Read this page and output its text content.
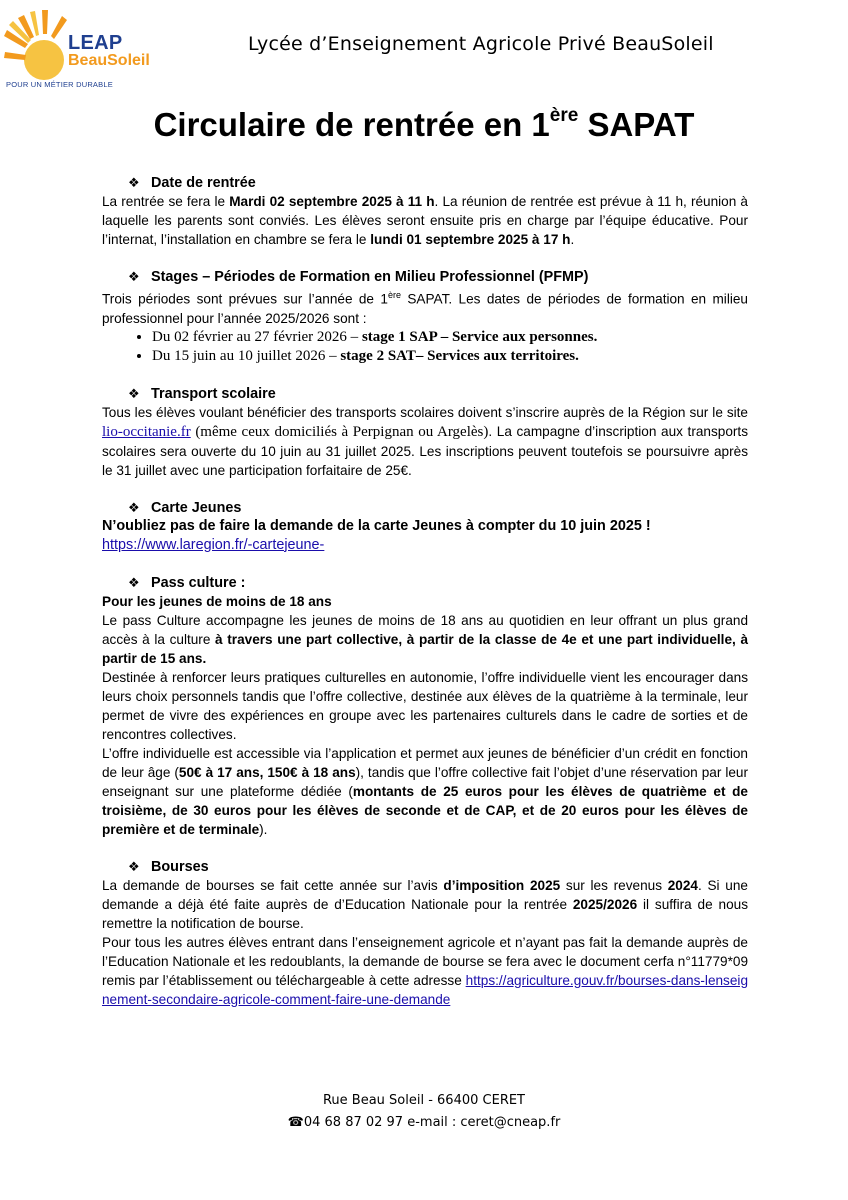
LEAP
BeauSoleil
POUR UN MÉTIER DURABLE
Lycée d’Enseignement Agricole Privé BeauSoleil
Circulaire de rentrée en 1ère SAPAT
❖ Date de rentrée

La rentrée se fera le Mardi 02 septembre 2025 à 11 h. La réunion de rentrée est prévue à 11 h, réunion à laquelle les parents sont conviés. Les élèves seront ensuite pris en charge par l’équipe éducative. Pour l’internat, l’installation en chambre se fera le lundi 01 septembre 2025 à 17 h.

❖ Stages – Périodes de Formation en Milieu Professionnel (PFMP)

Trois périodes sont prévues sur l’année de 1ère SAPAT. Les dates de périodes de formation en milieu professionnel pour l’année 2025/2026 sont :

• Du 02 février au 27 février 2026 – stage 1 SAP – Service aux personnes.
• Du 15 juin au 10 juillet 2026 – stage 2 SAT– Services aux territoires.
❖ Transport scolaire

Tous les élèves voulant bénéficier des transports scolaires doivent s’inscrire auprès de la Région sur le site lio-occitanie.fr (même ceux domiciliés à Perpignan ou Argelès). La campagne d’inscription aux transports scolaires sera ouverte du 10 juin au 31 juillet 2025. Les inscriptions peuvent toutefois se poursuivre après le 31 juillet avec une participation forfaitaire de 25€.

❖ Carte Jeunes

N’oubliez pas de faire la demande de la carte Jeunes à compter du 10 juin 2025 !

https://www.laregion.fr/-cartejeune-

❖ Pass culture :

Pour les jeunes de moins de 18 ans

Le pass Culture accompagne les jeunes de moins de 18 ans au quotidien en leur offrant un plus grand accès à la culture à travers une part collective, à partir de la classe de 4e et une part individuelle, à partir de 15 ans.

Destinée à renforcer leurs pratiques culturelles en autonomie, l’offre individuelle vient les encourager dans leurs choix personnels tandis que l’offre collective, destinée aux élèves de la quatrième à la terminale, leur permet de vivre des expériences en groupe avec les partenaires culturels dans le cadre de sorties et de rencontres collectives.

L’offre individuelle est accessible via l’application et permet aux jeunes de bénéficier d’un crédit en fonction de leur âge (50€ à 17 ans, 150€ à 18 ans), tandis que l’offre collective fait l’objet d’une réservation par leur enseignant sur une plateforme dédiée (montants de 25 euros pour les élèves de quatrième et de troisième, de 30 euros pour les élèves de seconde et de CAP, et de 20 euros pour les élèves de première et de terminale).

❖ Bourses

La demande de bourses se fait cette année sur l’avis d’imposition 2025 sur les revenus 2024. Si une demande a déjà été faite auprès de d’Education Nationale pour la rentrée 2025/2026 il suffira de nous remettre la notification de bourse.

Pour tous les autres élèves entrant dans l’enseignement agricole et n’ayant pas fait la demande auprès de l’Education Nationale et les redoublants, la demande de bourse se fera avec le document cerfa n°11779*09 remis par l’établissement ou téléchargeable à cette adresse https://agriculture.gouv.fr/bourses-dans-lenseignement-secondaire-agricole-comment-faire-une-demande

Rue Beau Soleil - 66400 CERET
☎04 68 87 02 97 e-mail : ceret@cneap.fr
